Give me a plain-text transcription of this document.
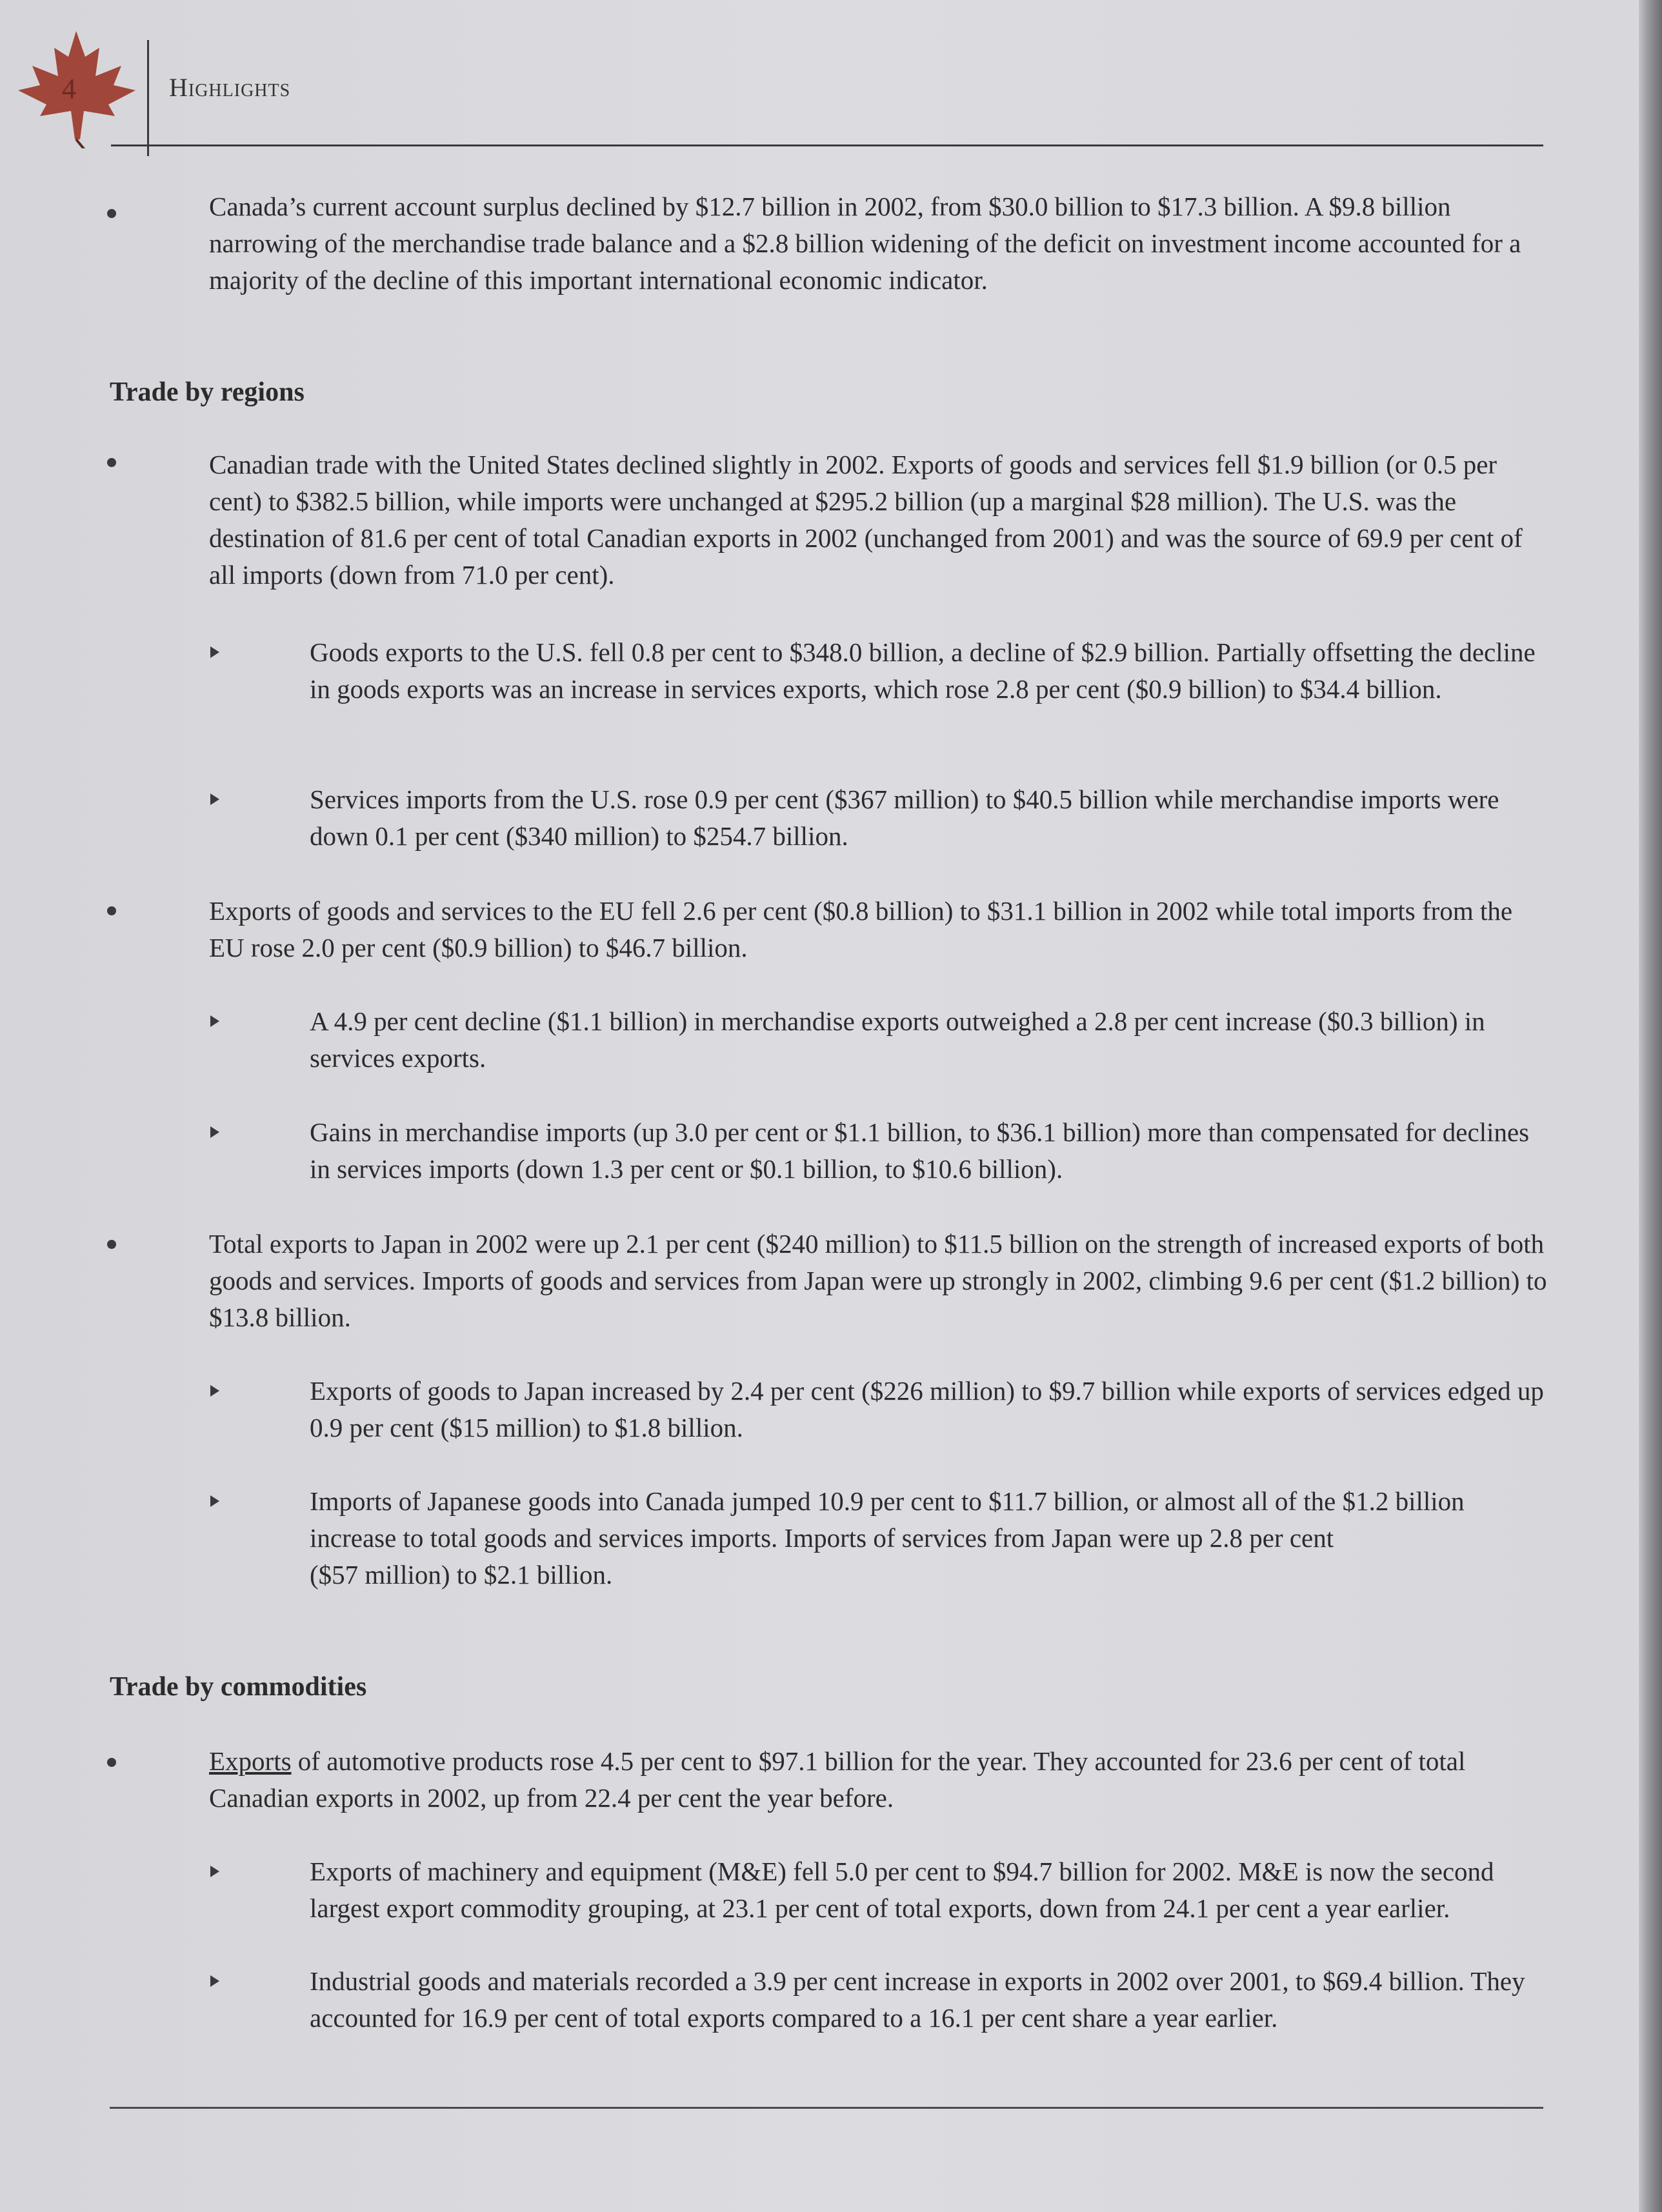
4	Highlights
Canada’s current account surplus declined by $12.7 billion in 2002, from $30.0 billion to $17.3 billion. A $9.8 billion narrowing of the merchandise trade balance and a $2.8 billion widening of the deficit on investment income accounted for a majority of the decline of this important international economic indicator.
Trade by regions
Canadian trade with the United States declined slightly in 2002. Exports of goods and services fell $1.9 billion (or 0.5 per cent) to $382.5 billion, while imports were unchanged at $295.2 billion (up a marginal $28 million). The U.S. was the destination of 81.6 per cent of total Canadian exports in 2002 (unchanged from 2001) and was the source of 69.9 per cent of all imports (down from 71.0 per cent).
Goods exports to the U.S. fell 0.8 per cent to $348.0 billion, a decline of $2.9 billion. Partially offsetting the decline in goods exports was an increase in services exports, which rose 2.8 per cent ($0.9 billion) to $34.4 billion.
Services imports from the U.S. rose 0.9 per cent ($367 million) to $40.5 billion while merchandise imports were down 0.1 per cent ($340 million) to $254.7 billion.
Exports of goods and services to the EU fell 2.6 per cent ($0.8 billion) to $31.1 billion in 2002 while total imports from the EU rose 2.0 per cent ($0.9 billion) to $46.7 billion.
A 4.9 per cent decline ($1.1 billion) in merchandise exports outweighed a 2.8 per cent increase ($0.3 billion) in services exports.
Gains in merchandise imports (up 3.0 per cent or $1.1 billion, to $36.1 billion) more than compensated for declines in services imports (down 1.3 per cent or $0.1 billion, to $10.6 billion).
Total exports to Japan in 2002 were up 2.1 per cent ($240 million) to $11.5 billion on the strength of increased exports of both goods and services. Imports of goods and services from Japan were up strongly in 2002, climbing 9.6 per cent ($1.2 billion) to $13.8 billion.
Exports of goods to Japan increased by 2.4 per cent ($226 million) to $9.7 billion while exports of services edged up 0.9 per cent ($15 million) to $1.8 billion.
Imports of Japanese goods into Canada jumped 10.9 per cent to $11.7 billion, or almost all of the $1.2 billion increase to total goods and services imports. Imports of services from Japan were up 2.8 per cent
($57 million) to $2.1 billion.
Trade by commodities
Exports of automotive products rose 4.5 per cent to $97.1 billion for the year. They accounted for 23.6 per cent of total Canadian exports in 2002, up from 22.4 per cent the year before.
Exports of machinery and equipment (M&E) fell 5.0 per cent to $94.7 billion for 2002. M&E is now the second largest export commodity grouping, at 23.1 per cent of total exports, down from 24.1 per cent a year earlier.
Industrial goods and materials recorded a 3.9 per cent increase in exports in 2002 over 2001, to $69.4 billion. They accounted for 16.9 per cent of total exports compared to a 16.1 per cent share a year earlier.
